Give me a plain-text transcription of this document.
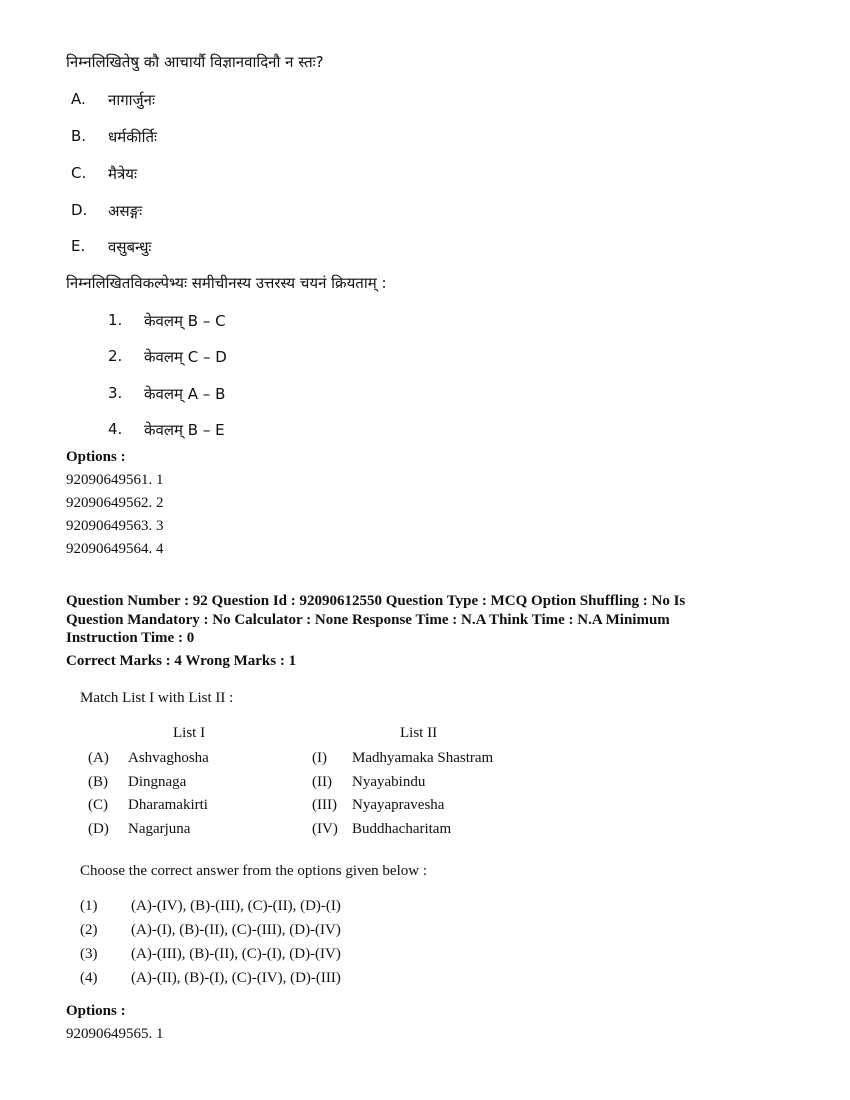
निम्नलिखितेषु कौ आचार्यौ विज्ञानवादिनौ न स्तः?
A. नागार्जुनः
B. धर्मकीर्तिः
C. मैत्रेयः
D. असङ्गः
E. वसुबन्धुः
निम्नलिखितविकल्पेभ्यः समीचीनस्य उत्तरस्य चयनं क्रियताम् :
1. केवलम् B – C
2. केवलम् C – D
3. केवलम् A – B
4. केवलम् B – E
Options :
92090649561. 1
92090649562. 2
92090649563. 3
92090649564. 4
Question Number : 92 Question Id : 92090612550 Question Type : MCQ Option Shuffling : No Is
Question Mandatory : No Calculator : None Response Time : N.A Think Time : N.A Minimum
Instruction Time : 0
Correct Marks : 4 Wrong Marks : 1
Match List I with List II :
List I	List II
(A) Ashvaghosha	(I) Madhyamaka Shastram
(B) Dingnaga	(II) Nyayabindu
(C) Dharamakirti	(III) Nyayapravesha
(D) Nagarjuna	(IV) Buddhacharitam
Choose the correct answer from the options given below :
(1) (A)-(IV), (B)-(III), (C)-(II), (D)-(I)
(2) (A)-(I), (B)-(II), (C)-(III), (D)-(IV)
(3) (A)-(III), (B)-(II), (C)-(I), (D)-(IV)
(4) (A)-(II), (B)-(I), (C)-(IV), (D)-(III)
Options :
92090649565. 1
